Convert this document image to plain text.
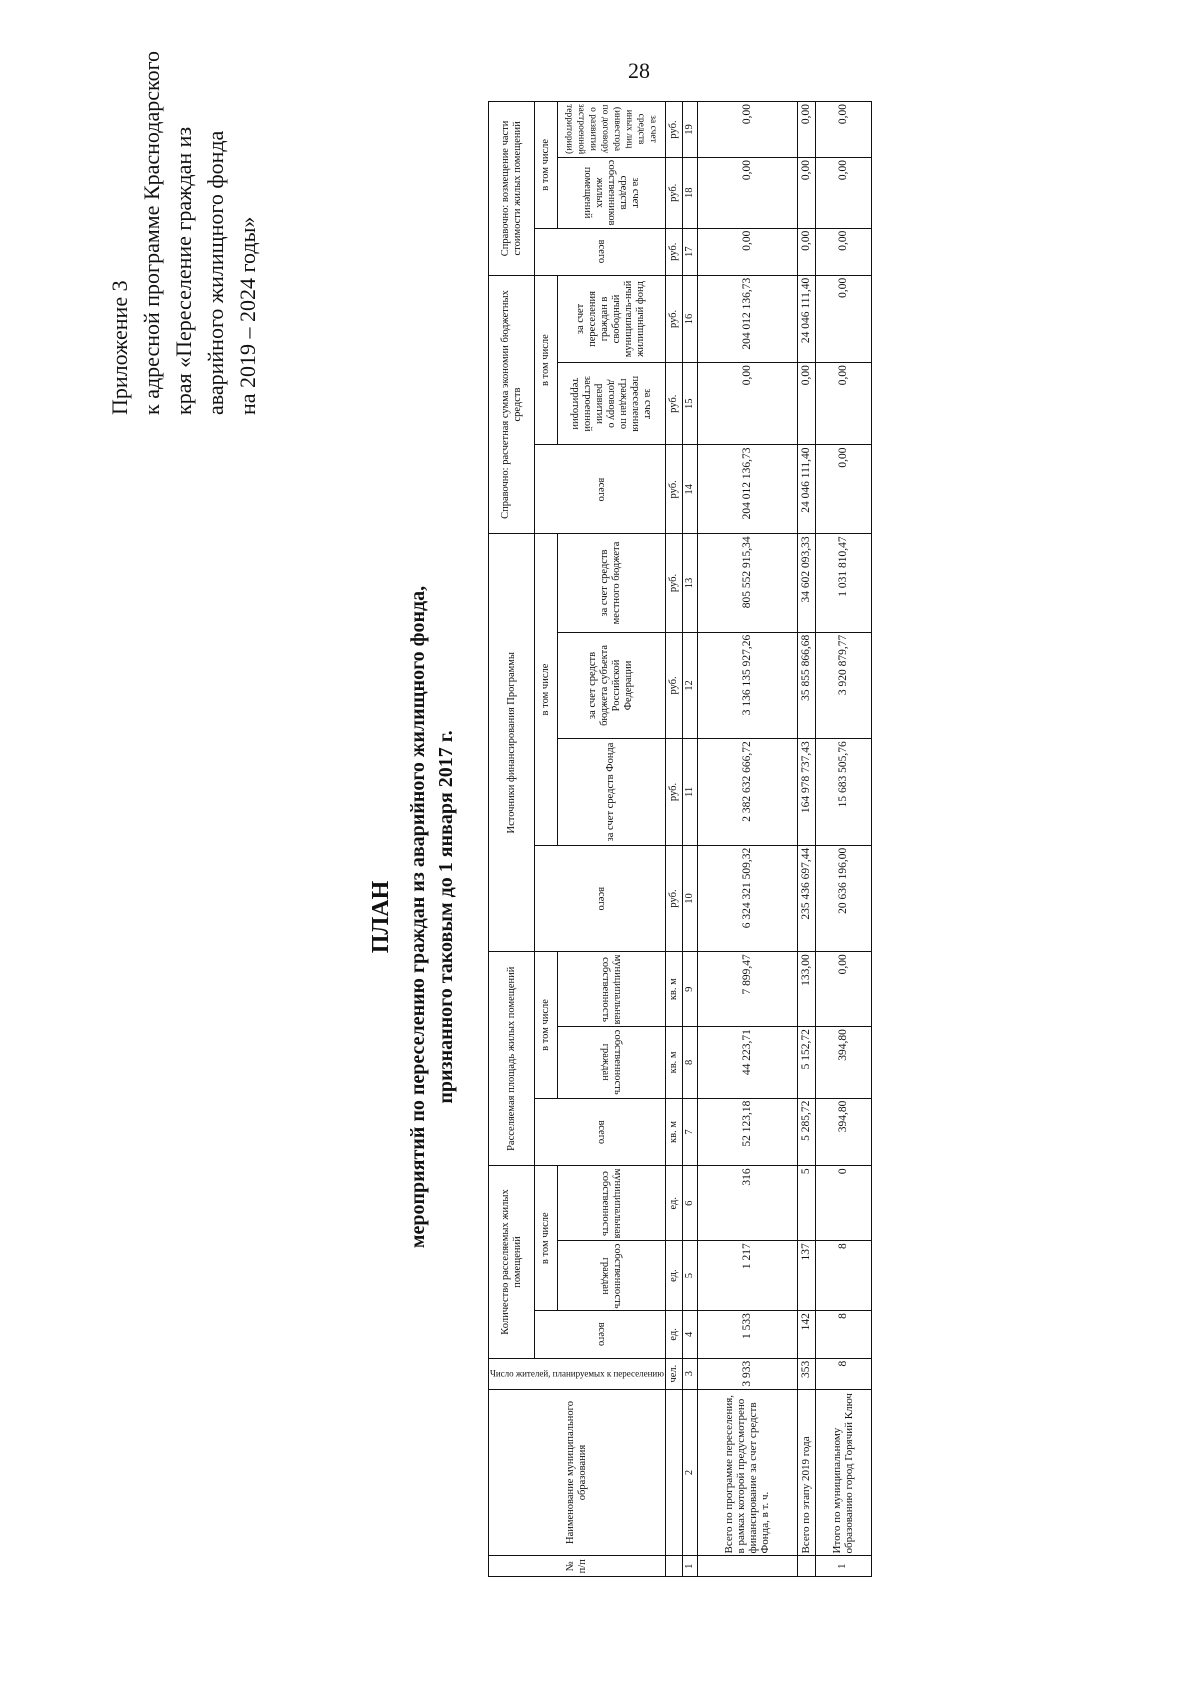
28
Приложение 3 к адресной программе Краснодарского края «Переселение граждан из аварийного жилищного фонда на 2019 – 2024 годы»
ПЛАН мероприятий по переселению граждан из аварийного жилищного фонда, признанного таковым до 1 января 2017 г.
№ п/п	Наименование муниципального образования	Число жителей, планируемых к переселению	Количество расселяемых жилых помещений			Расселяемая площадь жилых помещений			Источники финансирования Программы				Справочно: расчетная сумма экономии бюджетных средств			Справочно: возмещение части стоимости жилых помещений		
			всего	в том числе		всего	в том числе		всего	в том числе			всего	в том числе		всего	в том числе	
				собственность граждан	муниципальная собственность		собственность граждан	муниципальная собственность		за счет средств Фонда	за счет средств бюджета субъекта Российской Федерации	за счет средств местного бюджета		за счет переселения граждан по договору о развитии застроенной территории	за счет переселения граждан в свободный муниципаль-ный жилищный фонд		за счет средств собственников жилых помещений	за счет средств иных лиц (инвестора по договору о развитии застроенной территории)
		чел.	ед.	ед.	ед.	кв. м	кв. м	кв. м	руб.	руб.	руб.	руб.	руб.	руб.	руб.	руб.	руб.	руб.
1	2	3	4	5	6	7	8	9	10	11	12	13	14	15	16	17	18	19
	Всего по программе переселения, в рамках которой предусмотрено финансирование за счет средств Фонда, в т. ч.	3 933	1 533	1 217	316	52 123,18	44 223,71	7 899,47	6 324 321 509,32	2 382 632 666,72	3 136 135 927,26	805 552 915,34	204 012 136,73	0,00	204 012 136,73	0,00	0,00	0,00
	Всего по этапу 2019 года	353	142	137	5	5 285,72	5 152,72	133,00	235 436 697,44	164 978 737,43	35 855 866,68	34 602 093,33	24 046 111,40	0,00	24 046 111,40	0,00	0,00	0,00
1	Итого по муниципальному образованию город Горячий Ключ	8	8	8	0	394,80	394,80	0,00	20 636 196,00	15 683 505,76	3 920 879,77	1 031 810,47	0,00	0,00	0,00	0,00	0,00	0,00
